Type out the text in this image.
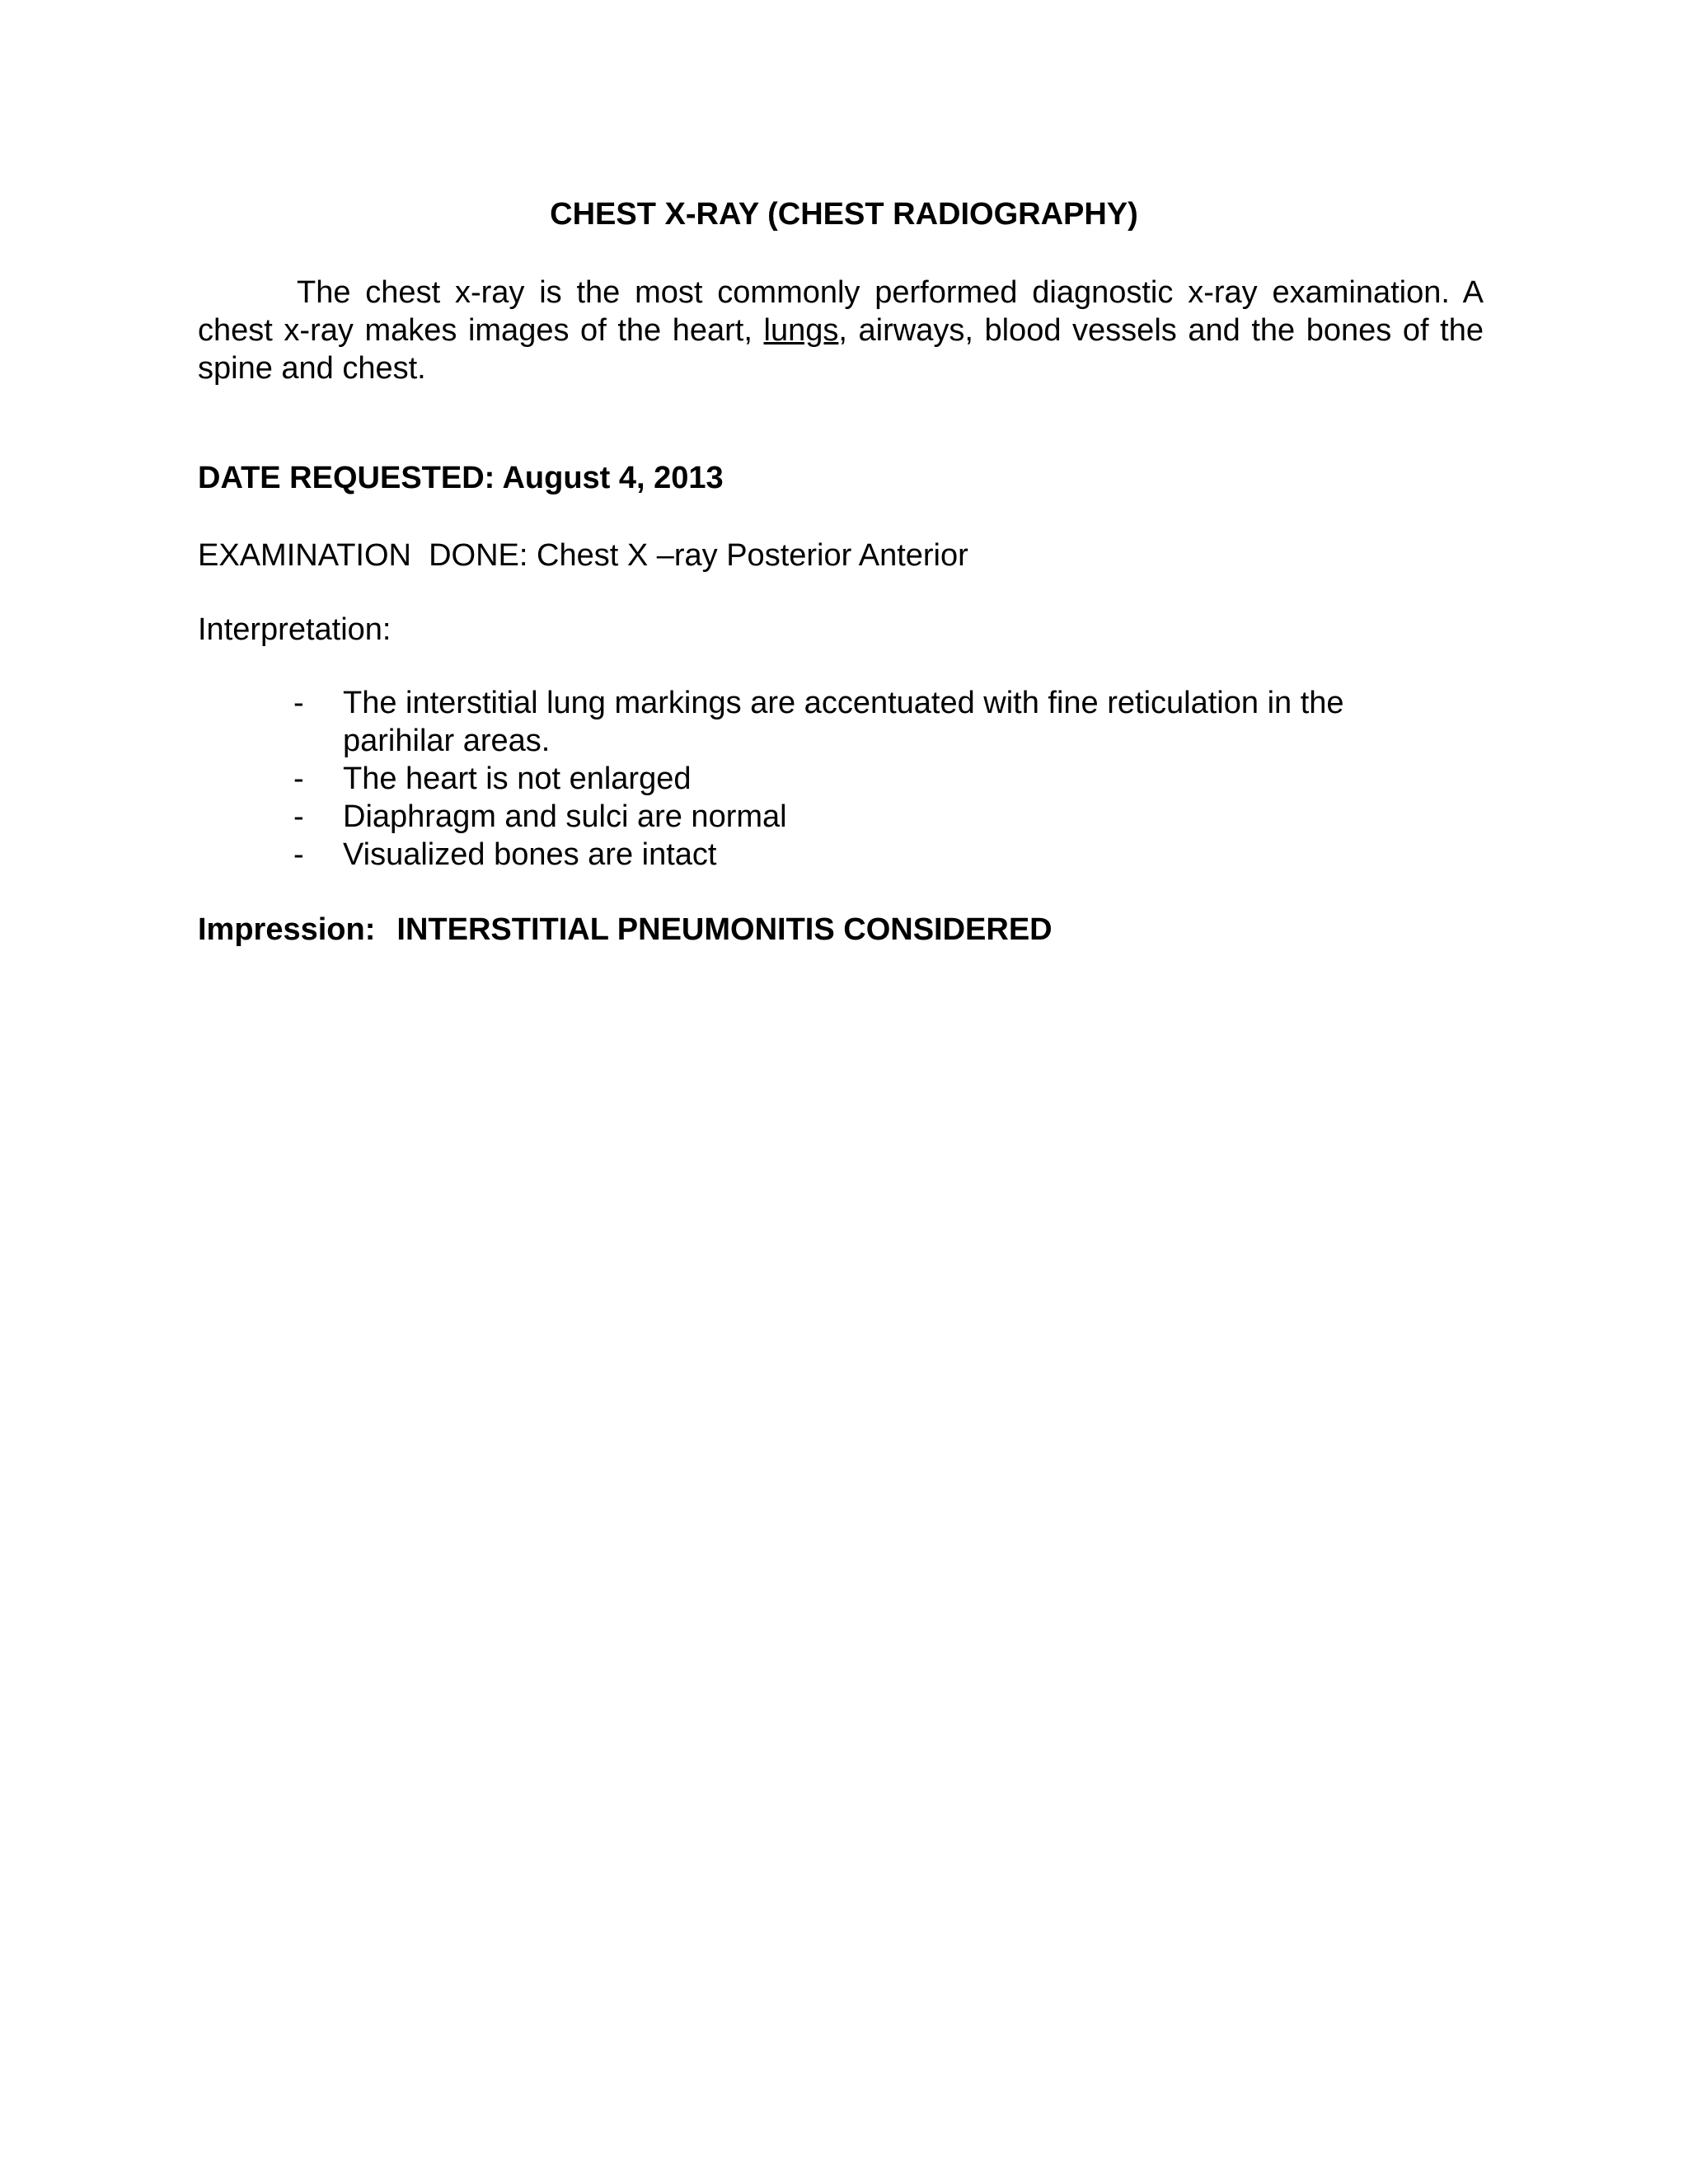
CHEST X-RAY (CHEST RADIOGRAPHY)
The chest x-ray is the most commonly performed diagnostic x-ray examination. A chest x-ray makes images of the heart, lungs, airways, blood vessels and the bones of the spine and chest.
DATE REQUESTED: August 4, 2013
EXAMINATION  DONE: Chest X –ray Posterior Anterior
Interpretation:
- The interstitial lung markings are accentuated with fine reticulation in the parihilar areas.
- The heart is not enlarged
- Diaphragm and sulci are normal
- Visualized bones are intact
Impression: INTERSTITIAL PNEUMONITIS CONSIDERED
